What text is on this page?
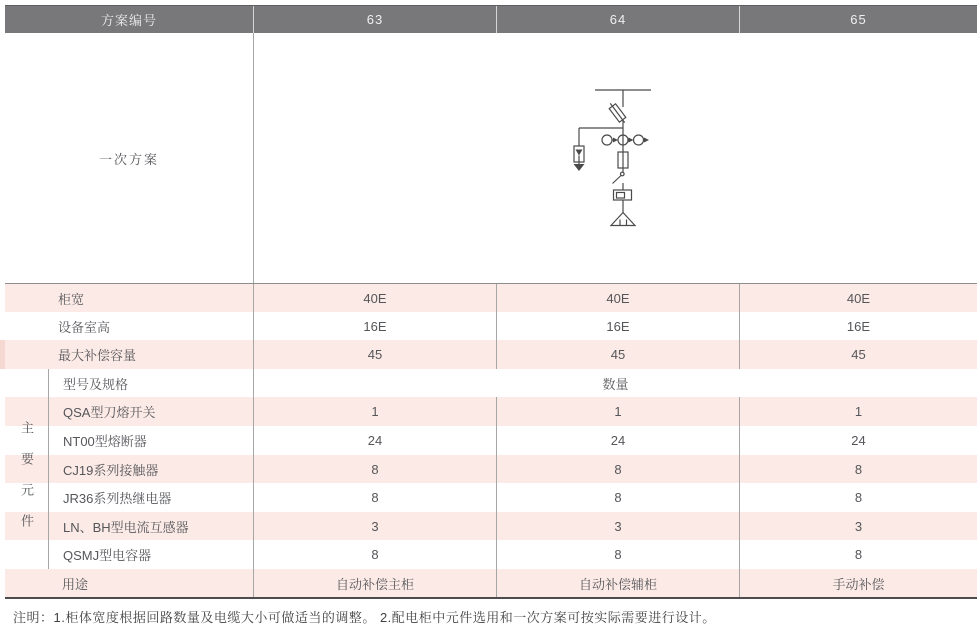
方案编号	63	64	65
一次方案
柜宽	40E	40E	40E
设备室高	16E	16E	16E
最大补偿容量	45	45	45
型号及规格	数量
QSA型刀熔开关	1	1	1
NT00型熔断器	24	24	24
CJ19系列接触器	8	8	8
JR36系列热继电器	8	8	8
LN、BH型电流互感器	3	3	3
QSMJ型电容器	8	8	8
用途	自动补偿主柜	自动补偿辅柜	手动补偿
主要元件
注明：1.柜体宽度根据回路数量及电缆大小可做适当的调整。 2.配电柜中元件选用和一次方案可按实际需要进行设计。
